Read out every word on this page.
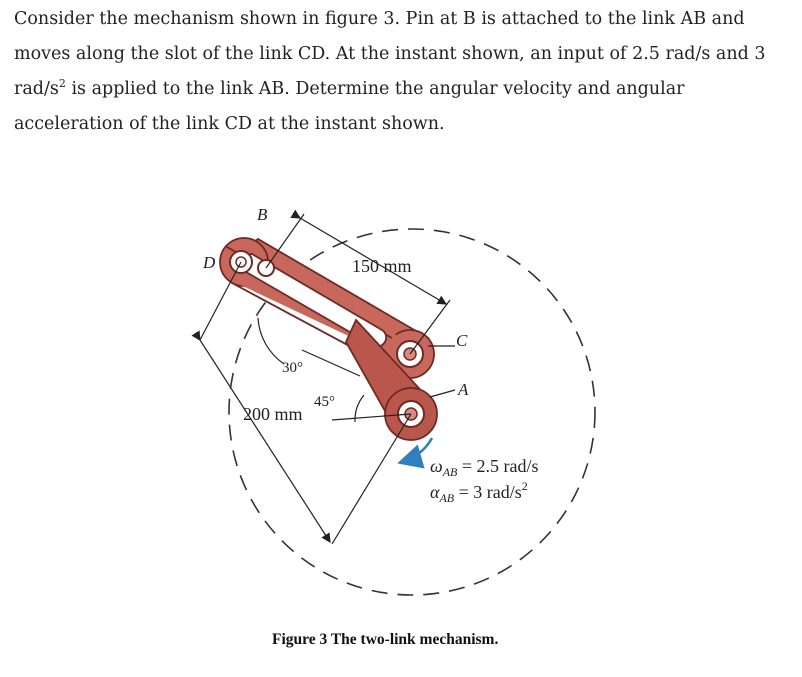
Consider the mechanism shown in figure 3. Pin at B is attached to the link AB and moves along the slot of the link CD. At the instant shown, an input of 2.5 rad/s and 3 rad/$s^2$ is applied to the link AB. Determine the angular velocity and angular acceleration of the link CD at the instant shown.

B
D
C
A
150 mm
200 mm
30°
45°
$\omega_{AB} = 2.5$ rad/s
$\alpha_{AB} = 3$ rad/$s^2$
Figure 3 The two-link mechanism.
